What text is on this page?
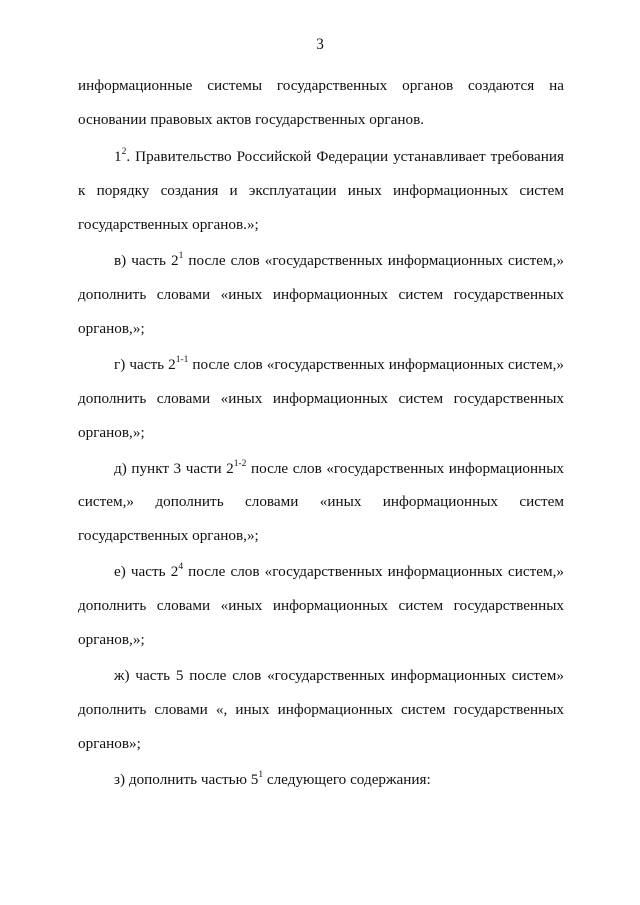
3
информационные системы государственных органов создаются на
основании правовых актов государственных органов.
$1^2$. Правительство Российской Федерации устанавливает требования
к порядку создания и эксплуатации иных информационных систем
государственных органов.»;
в) часть $2^1$ после слов «государственных информационных систем,»
дополнить словами «иных информационных систем государственных
органов,»;
г) часть 2$^{1-1}$ после слов «государственных информационных систем,»
дополнить словами «иных информационных систем государственных
органов,»;
д) пункт 3 части 2$^{1-2}$ после слов «государственных информационных
систем,» дополнить словами «иных информационных систем
государственных органов,»;
е) часть $2^4$ после слов «государственных информационных систем,»
дополнить словами «иных информационных систем государственных
органов,»;
ж) часть 5 после слов «государственных информационных систем»
дополнить словами «, иных информационных систем государственных
органов»;
з) дополнить частью $5^1$ следующего содержания:
